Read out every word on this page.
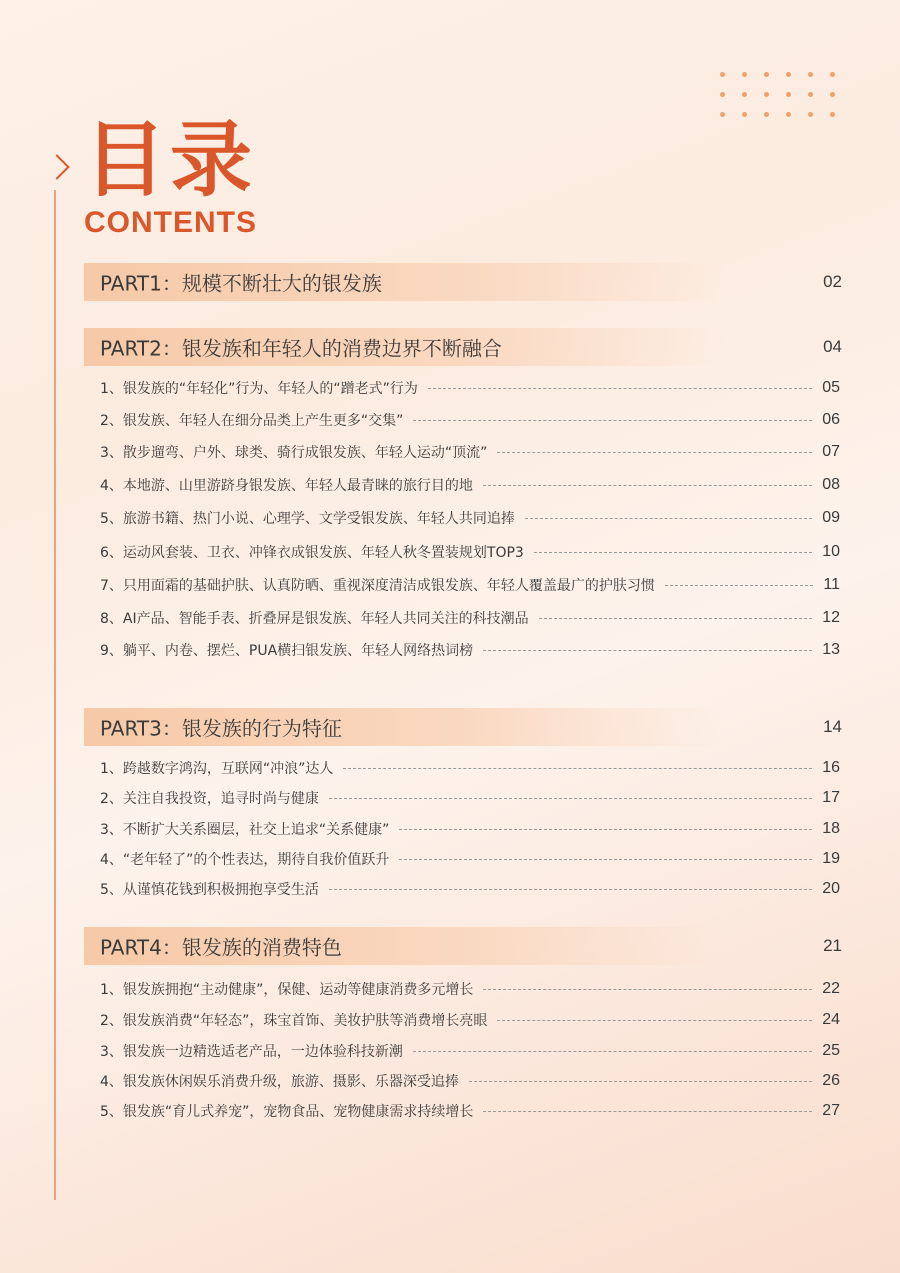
目录
CONTENTS
PART1：规模不断壮大的银发族	02
PART2：银发族和年轻人的消费边界不断融合	04
1、银发族的“年轻化”行为、年轻人的“蹭老式”行为	05
2、银发族、年轻人在细分品类上产生更多“交集”	06
3、散步遛弯、户外、球类、骑行成银发族、年轻人运动“顶流”	07
4、本地游、山里游跻身银发族、年轻人最青睐的旅行目的地	08
5、旅游书籍、热门小说、心理学、文学受银发族、年轻人共同追捧	09
6、运动风套装、卫衣、冲锋衣成银发族、年轻人秋冬置装规划TOP3	10
7、只用面霜的基础护肤、认真防晒、重视深度清洁成银发族、年轻人覆盖最广的护肤习惯	11
8、AI产品、智能手表、折叠屏是银发族、年轻人共同关注的科技潮品	12
9、躺平、内卷、摆烂、PUA横扫银发族、年轻人网络热词榜	13
PART3：银发族的行为特征	14
1、跨越数字鸿沟，互联网“冲浪”达人	16
2、关注自我投资，追寻时尚与健康	17
3、不断扩大关系圈层，社交上追求“关系健康”	18
4、“老年轻了”的个性表达，期待自我价值跃升	19
5、从谨慎花钱到积极拥抱享受生活	20
PART4：银发族的消费特色	21
1、银发族拥抱“主动健康”，保健、运动等健康消费多元增长	22
2、银发族消费“年轻态”，珠宝首饰、美妆护肤等消费增长亮眼	24
3、银发族一边精选适老产品，一边体验科技新潮	25
4、银发族休闲娱乐消费升级，旅游、摄影、乐器深受追捧	26
5、银发族“育儿式养宠”，宠物食品、宠物健康需求持续增长	27
